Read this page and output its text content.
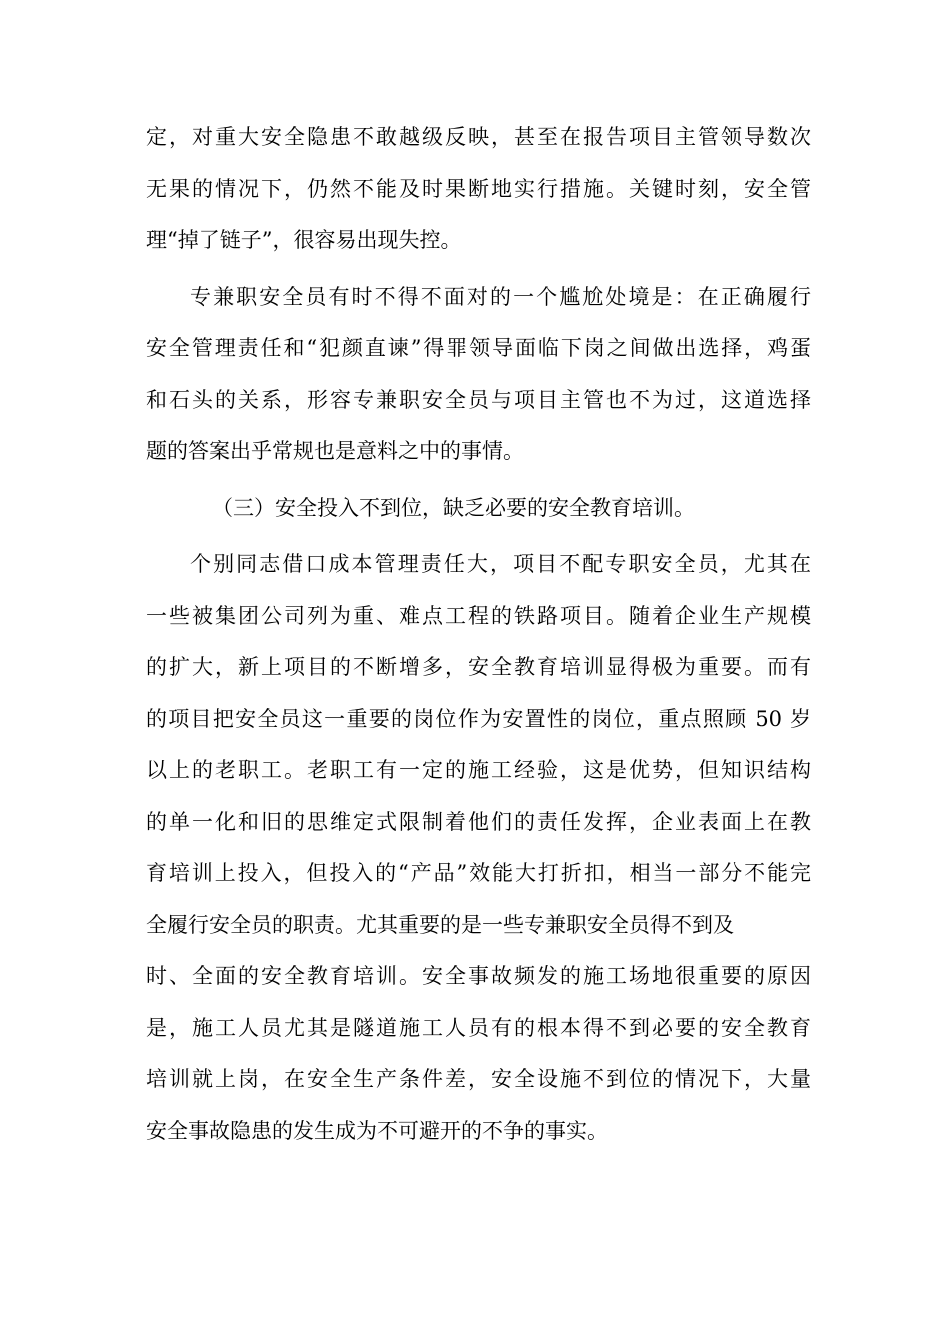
定，对重大安全隐患不敢越级反映，甚至在报告项目主管领导数次
无果的情况下，仍然不能及时果断地实行措施。关键时刻，安全管
理“掉了链子”，很容易出现失控。
专兼职安全员有时不得不面对的一个尴尬处境是：在正确履行
安全管理责任和“犯颜直谏”得罪领导面临下岗之间做出选择，鸡蛋
和石头的关系，形容专兼职安全员与项目主管也不为过，这道选择
题的答案出乎常规也是意料之中的事情。
（三）安全投入不到位，缺乏必要的安全教育培训。
个别同志借口成本管理责任大，项目不配专职安全员，尤其在
一些被集团公司列为重、难点工程的铁路项目。随着企业生产规模
的扩大，新上项目的不断增多，安全教育培训显得极为重要。而有
的项目把安全员这一重要的岗位作为安置性的岗位，重点照顾 50 岁
以上的老职工。老职工有一定的施工经验，这是优势，但知识结构
的单一化和旧的思维定式限制着他们的责任发挥，企业表面上在教
育培训上投入，但投入的“产品”效能大打折扣，相当一部分不能完
全履行安全员的职责。尤其重要的是一些专兼职安全员得不到及
时、全面的安全教育培训。安全事故频发的施工场地很重要的原因
是，施工人员尤其是隧道施工人员有的根本得不到必要的安全教育
培训就上岗，在安全生产条件差，安全设施不到位的情况下，大量
安全事故隐患的发生成为不可避开的不争的事实。
